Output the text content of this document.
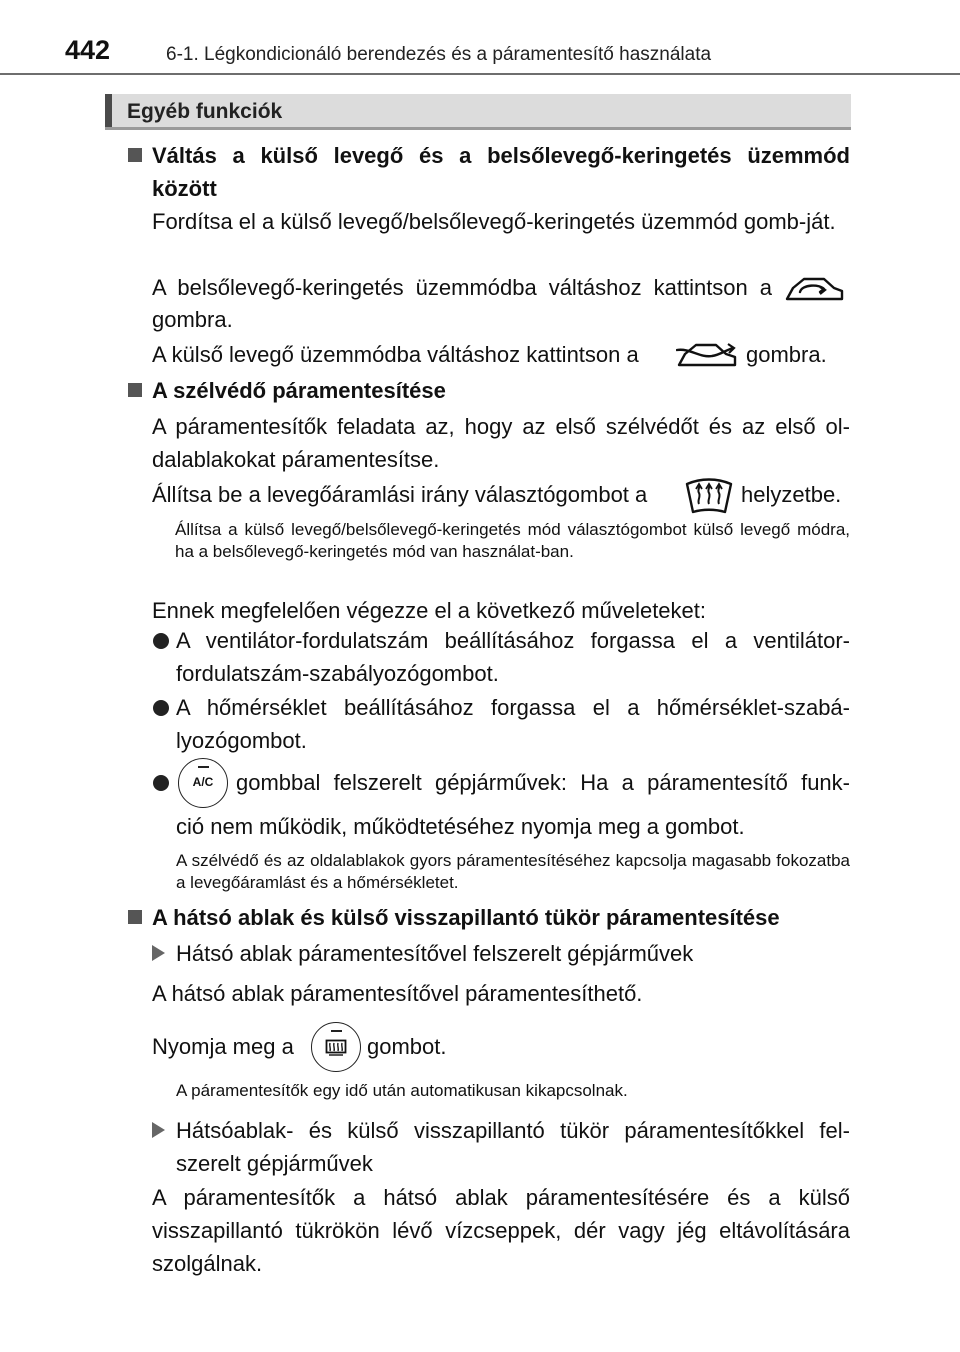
442	6-1. Légkondicionáló berendezés és a páramentesítő használata
Egyéb funkciók

Váltás a külső levegő és a belsőlevegő-keringetés üzemmód között

Fordítsa el a külső levegő/belsőlevegő-keringetés üzemmód gomb-ját.

A belsőlevegő-keringetés üzemmódba váltáshoz kattintson a

gombra.

A külső levegő üzemmódba váltáshoz kattintson a	gombra.

A szélvédő páramentesítése

A páramentesítők feladata az, hogy az első szélvédőt és az első ol-dalablakokat páramentesítse.

Állítsa be a levegőáramlási irány választógombot a	helyzetbe.

Állítsa a külső levegő/belsőlevegő-keringetés mód választógombot külső levegő módra, ha a belsőlevegő-keringetés mód van használat-ban.

Ennek megfelelően végezze el a következő műveleteket:

A ventilátor-fordulatszám beállításához forgassa el a ventilátor-fordulatszám-szabályozógombot.

A hőmérséklet beállításához forgassa el a hőmérséklet-szabá-lyozógombot.

A/C	gombbal felszerelt gépjárművek: Ha a páramentesítő funk-

ció nem működik, működtetéséhez nyomja meg a gombot.

A szélvédő és az oldalablakok gyors páramentesítéséhez kapcsolja magasabb fokozatba a levegőáramlást és a hőmérsékletet.

A hátsó ablak és külső visszapillantó tükör páramentesítése

Hátsó ablak páramentesítővel felszerelt gépjárművek

A hátsó ablak páramentesítővel páramentesíthető.

Nyomja meg a	gombot.

A páramentesítők egy idő után automatikusan kikapcsolnak.

Hátsóablak- és külső visszapillantó tükör páramentesítőkkel fel-szerelt gépjárművek

A páramentesítők a hátsó ablak páramentesítésére és a külső visszapillantó tükrökön lévő vízcseppek, dér vagy jég eltávolítására szolgálnak.
